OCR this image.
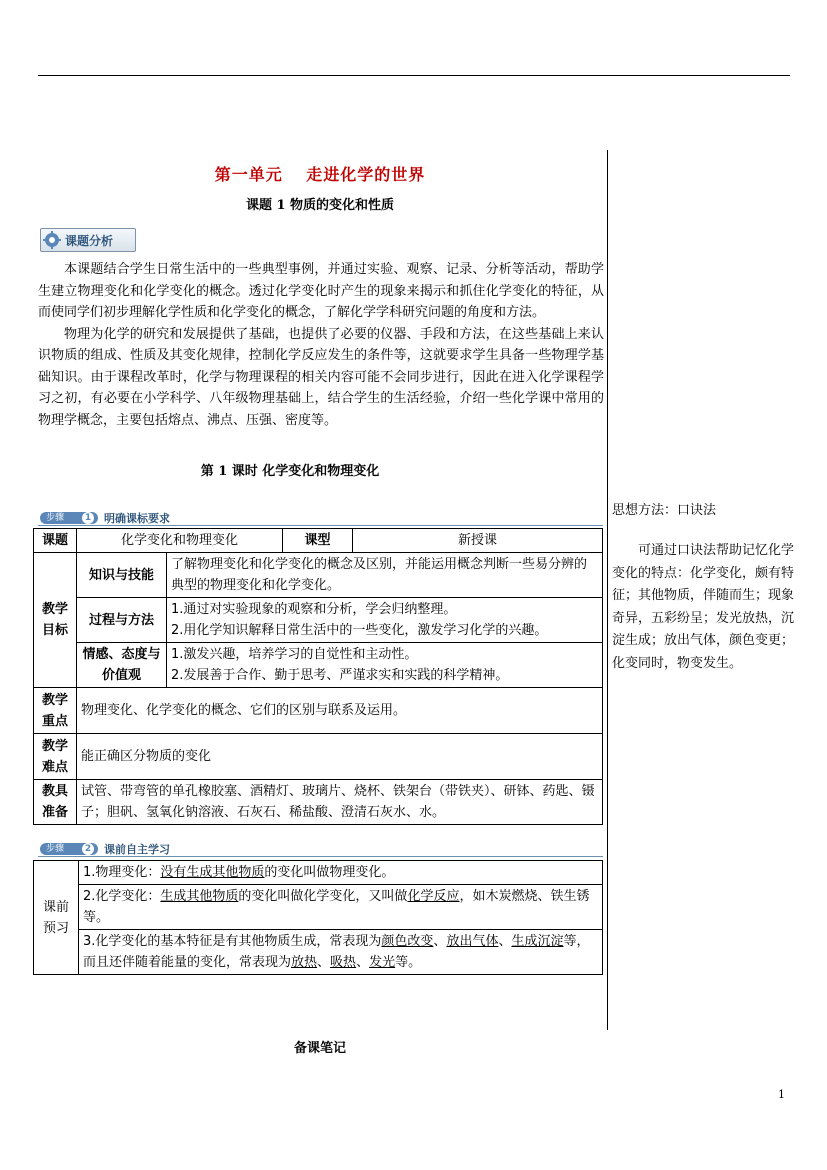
第一单元　 走进化学的世界
课题 1 物质的变化和性质
课题分析

本课题结合学生日常生活中的一些典型事例，并通过实验、观察、记录、分析等活动，帮助学生建立物理变化和化学变化的概念。透过化学变化时产生的现象来揭示和抓住化学变化的特征，从而使同学们初步理解化学性质和化学变化的概念，了解化学学科研究问题的角度和方法。

物理为化学的研究和发展提供了基础，也提供了必要的仪器、手段和方法，在这些基础上来认识物质的组成、性质及其变化规律，控制化学反应发生的条件等，这就要求学生具备一些物理学基础知识。由于课程改革时，化学与物理课程的相关内容可能不会同步进行，因此在进入化学课程学习之初，有必要在小学科学、八年级物理基础上，结合学生的生活经验，介绍一些化学课中常用的物理学概念，主要包括熔点、沸点、压强、密度等。

第 1 课时 化学变化和物理变化
步骤	1 明确课标要求
课题	化学变化和物理变化		课型	新授课
教学目标	知识与技能	了解物理变化和化学变化的概念及区别，并能运用概念判断一些易分辨的典型的物理变化和化学变化。		
	过程与方法	1.通过对实验现象的观察和分析，学会归纳整理。
2.用化学知识解释日常生活中的一些变化，激发学习化学的兴趣。		

	情感、态度与价值观	1.激发兴趣，培养学习的自觉性和主动性。
2.发展善于合作、勤于思考、严谨求实和实践的科学精神。		

教学重点	物理变化、化学变化的概念、它们的区别与联系及运用。			
教学难点	能正确区分物质的变化			
教具准备	试管、带弯管的单孔橡胶塞、酒精灯、玻璃片、烧杯、铁架台（带铁夹）、研钵、药匙、镊子；胆矾、氢氧化钠溶液、石灰石、稀盐酸、澄清石灰水、水。			
步骤	2 课前自主学习
课前预习	1.物理变化：没有生成其他物质的变化叫做物理变化。
2.化学变化：生成其他物质的变化叫做化学变化，又叫做化学反应，如木炭燃烧、铁生锈等。
3.化学变化的基本特征是有其他物质生成，常表现为颜色改变、放出气体、生成沉淀等，而且还伴随着能量的变化，常表现为放热、吸热、发光等。
思想方法：口诀法

可通过口诀法帮助记忆化学变化的特点：化学变化，颇有特征；其他物质，伴随而生；现象奇异，五彩纷呈；发光放热，沉淀生成；放出气体，颜色变更；化变同时，物变发生。

备课笔记
1
